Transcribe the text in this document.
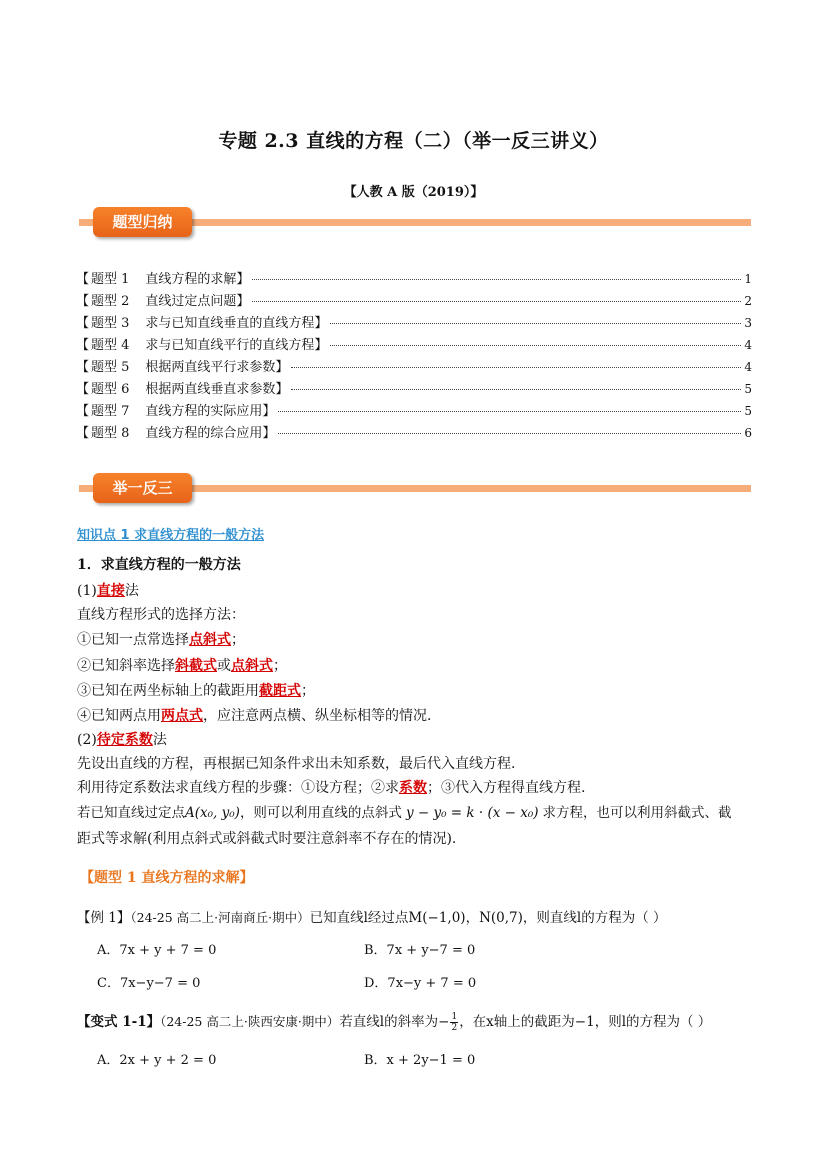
专题 2.3 直线的方程（二）（举一反三讲义）
【人教 A 版（2019）】
题型归纳
【 题型 1 直线方程的求解 】	1
【 题型 2 直线过定点问题 】	2
【 题型 3 求与已知直线垂直的直线方程 】	3
【 题型 4 求与已知直线平行的直线方程 】	4
【 题型 5 根据两直线平行求参数 】	4
【 题型 6 根据两直线垂直求参数 】	5
【 题型 7 直线方程的实际应用 】	5
【 题型 8 直线方程的综合应用 】	6
举一反三
知识点 1 求直线方程的一般方法
1．求直线方程的一般方法
(1)直接法
直线方程形式的选择方法：
①已知一点常选择点斜式；
②已知斜率选择斜截式或点斜式；
③已知在两坐标轴上的截距用截距式；
④已知两点用两点式，应注意两点横、纵坐标相等的情况.
(2)待定系数法
先设出直线的方程，再根据已知条件求出未知系数，最后代入直线方程.
利用待定系数法求直线方程的步骤：①设方程；②求系数；③代入方程得直线方程.
若已知直线过定点A(x₀, y₀)，则可以利用直线的点斜式 y − y₀ = k · (x − x₀) 求方程，也可以利用斜截式、截
距式等求解(利用点斜式或斜截式时要注意斜率不存在的情况).
【题型 1 直线方程的求解】
【例 1】（24-25 高二上·河南商丘·期中）已知直线l经过点M(−1,0)，N(0,7)，则直线l的方程为（ ）
A．7x + y + 7 = 0	B．7x + y−7 = 0
C．7x−y−7 = 0	D．7x−y + 7 = 0
【变式 1-1】（24-25 高二上·陕西安康·期中）若直线l的斜率为− $\frac{1}{2}$ ，在x轴上的截距为−1，则l的方程为（ ）
A．2x + y + 2 = 0	B．x + 2y−1 = 0
